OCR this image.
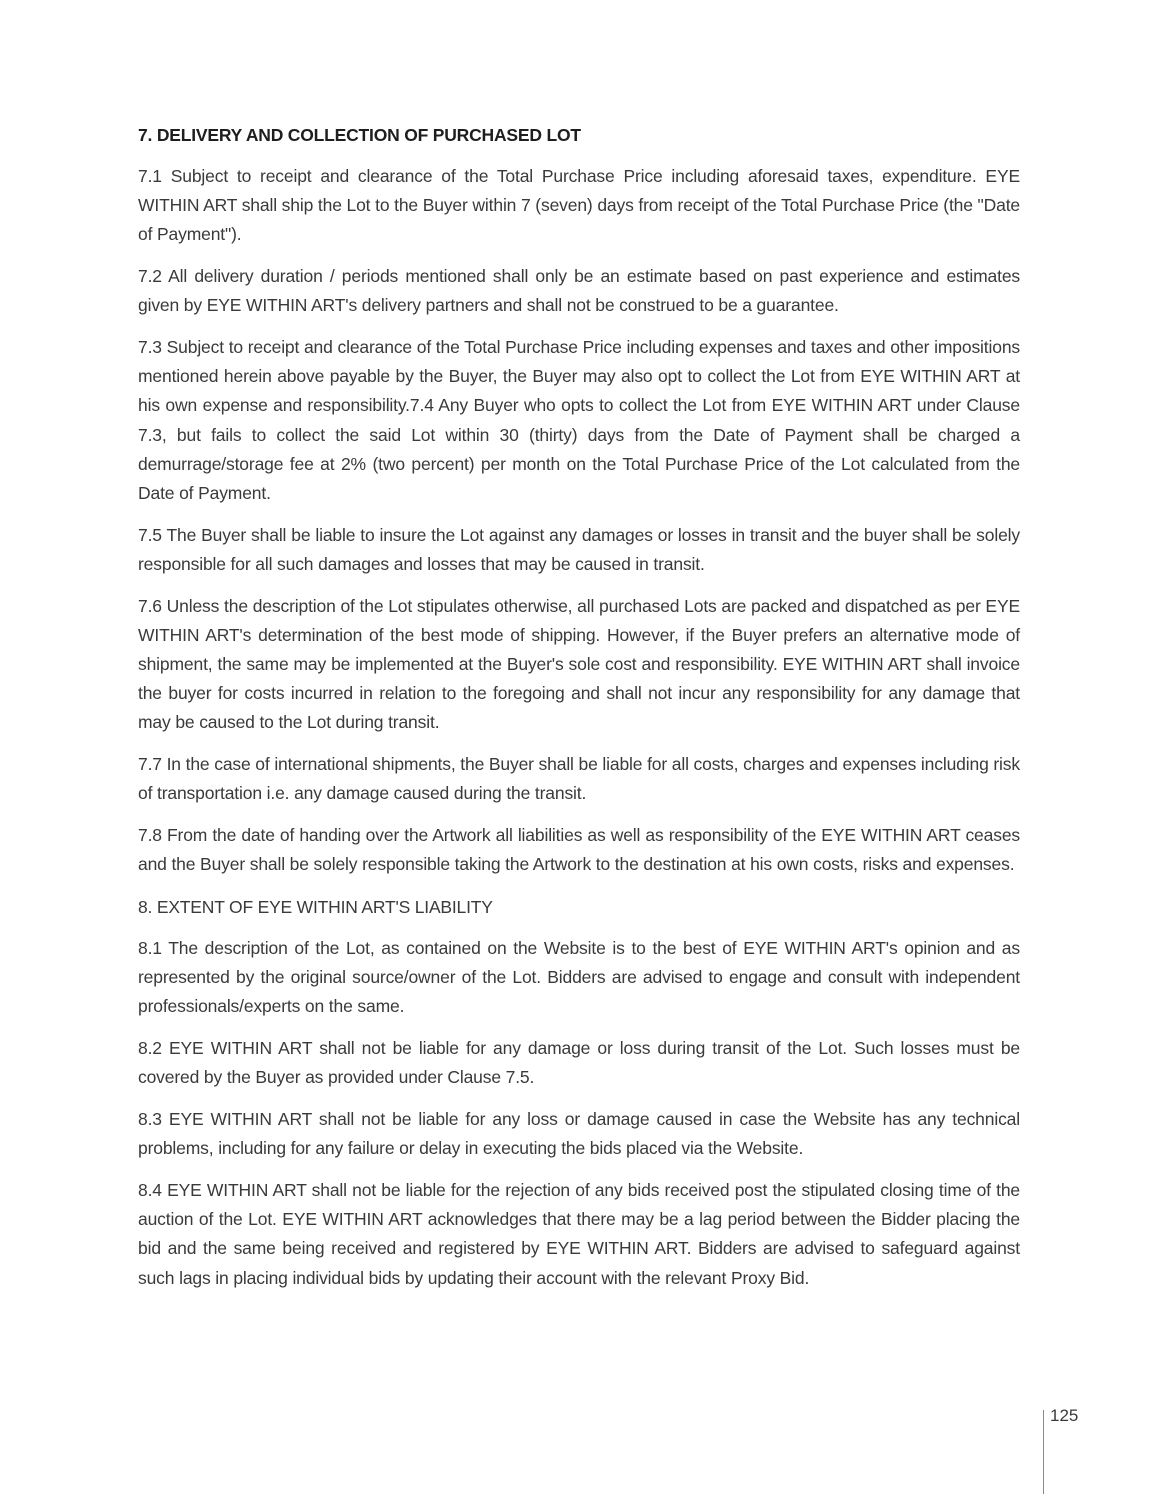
7. DELIVERY AND COLLECTION OF PURCHASED LOT

7.1 Subject to receipt and clearance of the Total Purchase Price including aforesaid taxes, expenditure. EYE WITHIN ART shall ship the Lot to the Buyer within 7 (seven) days from receipt of the Total Purchase Price (the "Date of Payment").

7.2 All delivery duration / periods mentioned shall only be an estimate based on past experience and estimates given by EYE WITHIN ART's delivery partners and shall not be construed to be a guarantee.

7.3 Subject to receipt and clearance of the Total Purchase Price including expenses and taxes and other impositions mentioned herein above payable by the Buyer, the Buyer may also opt to collect the Lot from EYE WITHIN ART at his own expense and responsibility.7.4 Any Buyer who opts to collect the Lot from EYE WITHIN ART under Clause 7.3, but fails to collect the said Lot within 30 (thirty) days from the Date of Payment shall be charged a demurrage/storage fee at 2% (two percent) per month on the Total Purchase Price of the Lot calculated from the Date of Payment.

7.5 The Buyer shall be liable to insure the Lot against any damages or losses in transit and the buyer shall be solely responsible for all such damages and losses that may be caused in transit.

7.6 Unless the description of the Lot stipulates otherwise, all purchased Lots are packed and dispatched as per EYE WITHIN ART's determination of the best mode of shipping. However, if the Buyer prefers an alternative mode of shipment, the same may be implemented at the Buyer's sole cost and responsibility. EYE WITHIN ART shall invoice the buyer for costs incurred in relation to the foregoing and shall not incur any responsibility for any damage that may be caused to the Lot during transit.

7.7 In the case of international shipments, the Buyer shall be liable for all costs, charges and expenses including risk of transportation i.e. any damage caused during the transit.

7.8 From the date of handing over the Artwork all liabilities as well as responsibility of the EYE WITHIN ART ceases and the Buyer shall be solely responsible taking the Artwork to the destination at his own costs, risks and expenses.

8. EXTENT OF EYE WITHIN ART'S LIABILITY

8.1 The description of the Lot, as contained on the Website is to the best of EYE WITHIN ART's opinion and as represented by the original source/owner of the Lot. Bidders are advised to engage and consult with independent professionals/experts on the same.

8.2 EYE WITHIN ART shall not be liable for any damage or loss during transit of the Lot. Such losses must be covered by the Buyer as provided under Clause 7.5.

8.3 EYE WITHIN ART shall not be liable for any loss or damage caused in case the Website has any technical problems, including for any failure or delay in executing the bids placed via the Website.

8.4 EYE WITHIN ART shall not be liable for the rejection of any bids received post the stipulated closing time of the auction of the Lot. EYE WITHIN ART acknowledges that there may be a lag period between the Bidder placing the bid and the same being received and registered by EYE WITHIN ART. Bidders are advised to safeguard against such lags in placing individual bids by updating their account with the relevant Proxy Bid.

125
